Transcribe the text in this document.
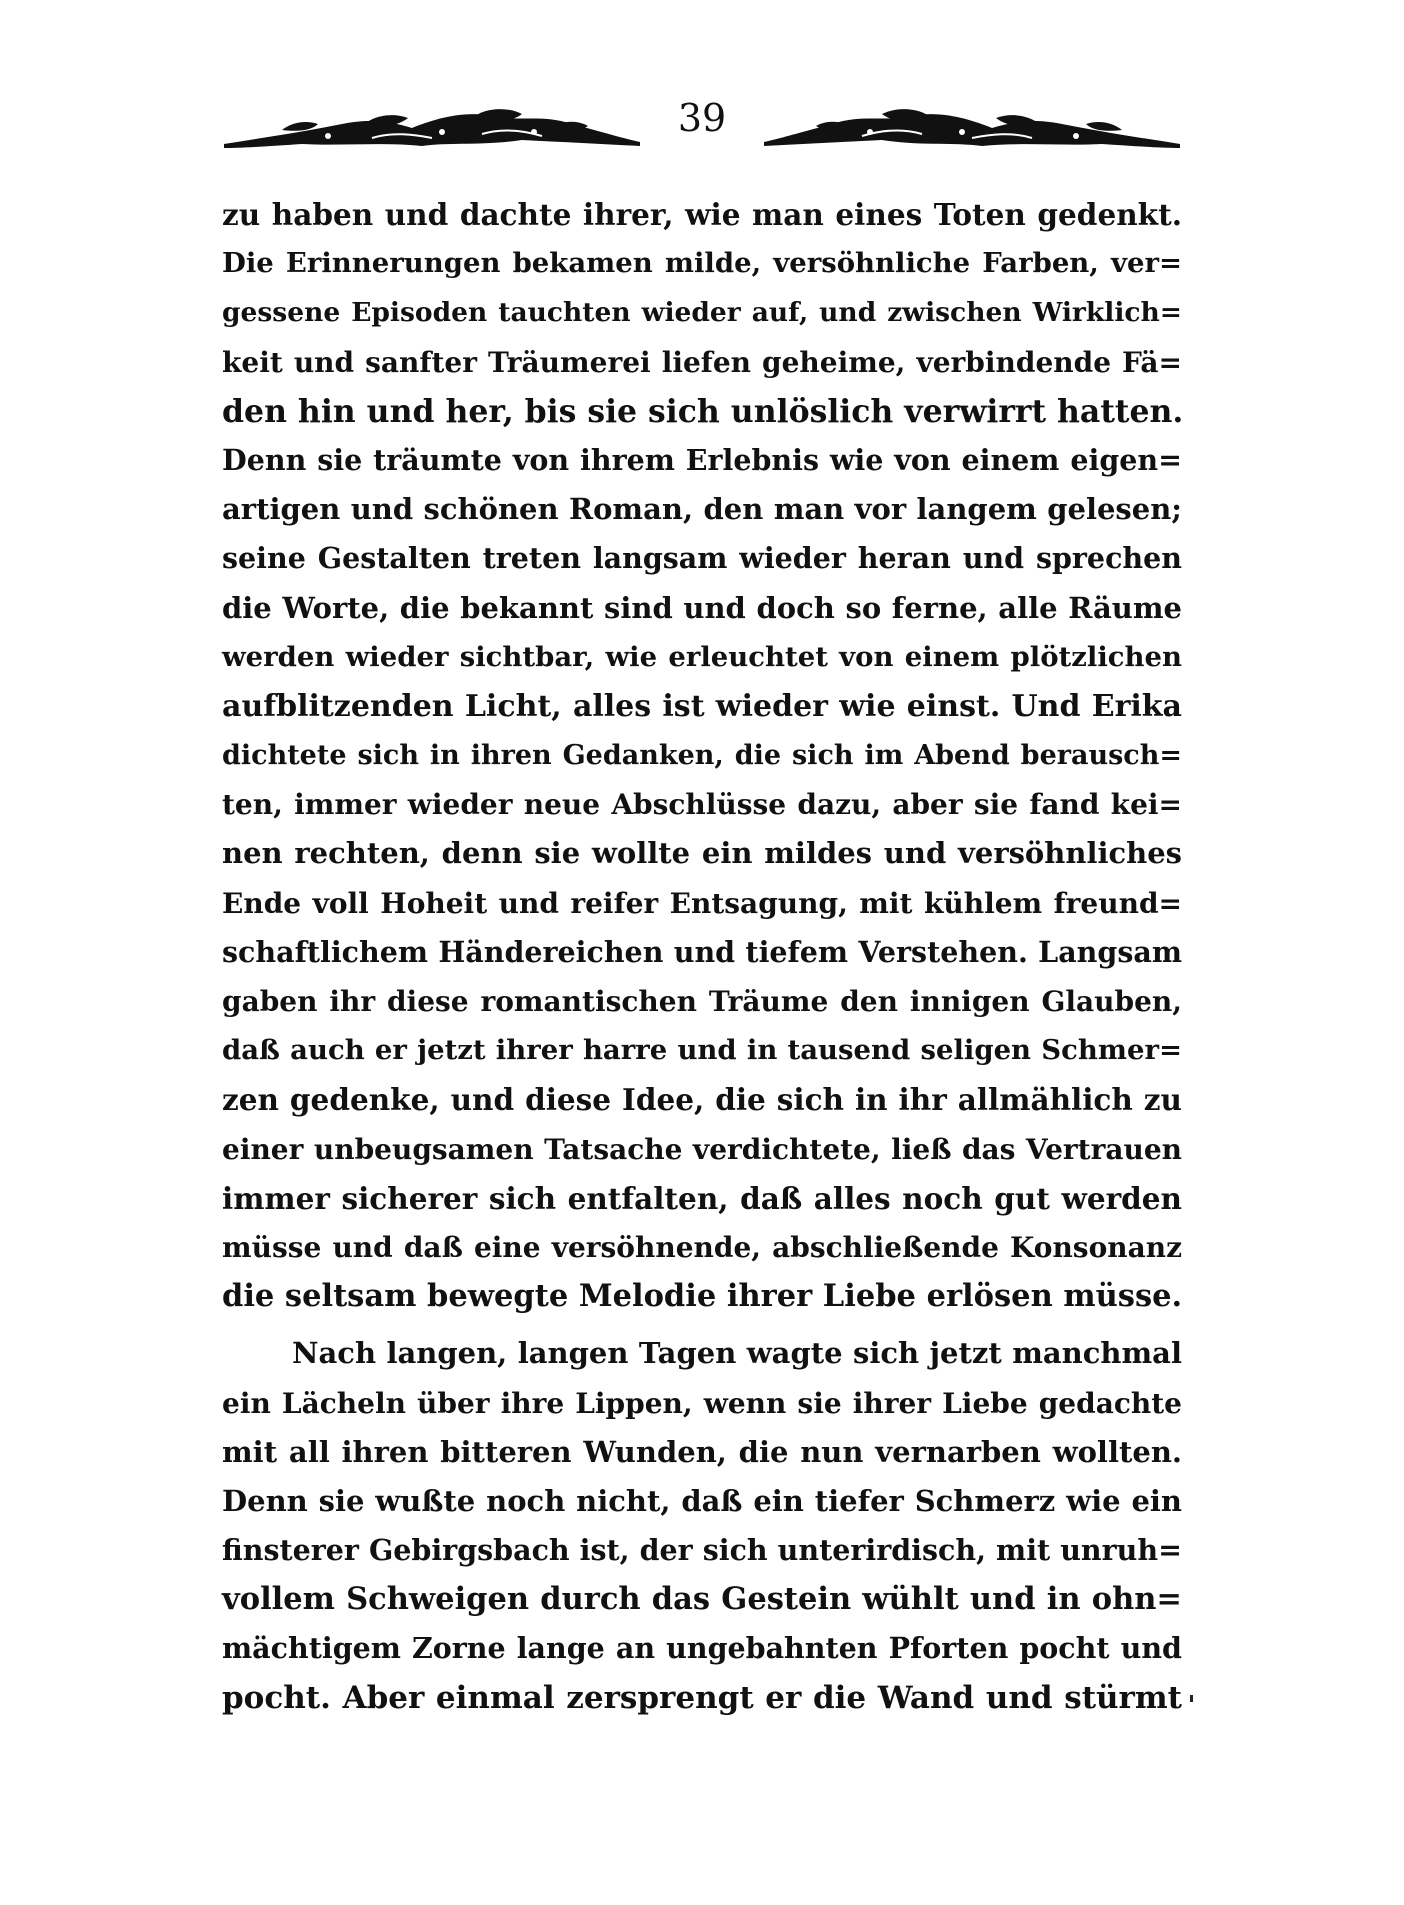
39
zu haben und dachte ihrer, wie man eines Toten gedenkt.
Die Erinnerungen bekamen milde, versöhnliche Farben, ver=
gessene Episoden tauchten wieder auf, und zwischen Wirklich=
keit und sanfter Träumerei liefen geheime, verbindende Fä=
den hin und her, bis sie sich unlöslich verwirrt hatten.
Denn sie träumte von ihrem Erlebnis wie von einem eigen=
artigen und schönen Roman, den man vor langem gelesen;
seine Gestalten treten langsam wieder heran und sprechen
die Worte, die bekannt sind und doch so ferne, alle Räume
werden wieder sichtbar, wie erleuchtet von einem plötzlichen
aufblitzenden Licht, alles ist wieder wie einst. Und Erika
dichtete sich in ihren Gedanken, die sich im Abend berausch=
ten, immer wieder neue Abschlüsse dazu, aber sie fand kei=
nen rechten, denn sie wollte ein mildes und versöhnliches
Ende voll Hoheit und reifer Entsagung, mit kühlem freund=
schaftlichem Händereichen und tiefem Verstehen. Langsam
gaben ihr diese romantischen Träume den innigen Glauben,
daß auch er jetzt ihrer harre und in tausend seligen Schmer=
zen gedenke, und diese Idee, die sich in ihr allmählich zu
einer unbeugsamen Tatsache verdichtete, ließ das Vertrauen
immer sicherer sich entfalten, daß alles noch gut werden
müsse und daß eine versöhnende, abschließende Konsonanz
die seltsam bewegte Melodie ihrer Liebe erlösen müsse.
Nach langen, langen Tagen wagte sich jetzt manchmal
ein Lächeln über ihre Lippen, wenn sie ihrer Liebe gedachte
mit all ihren bitteren Wunden, die nun vernarben wollten.
Denn sie wußte noch nicht, daß ein tiefer Schmerz wie ein
finsterer Gebirgsbach ist, der sich unterirdisch, mit unruh=
vollem Schweigen durch das Gestein wühlt und in ohn=
mächtigem Zorne lange an ungebahnten Pforten pocht und
pocht. Aber einmal zersprengt er die Wand und stürmt
